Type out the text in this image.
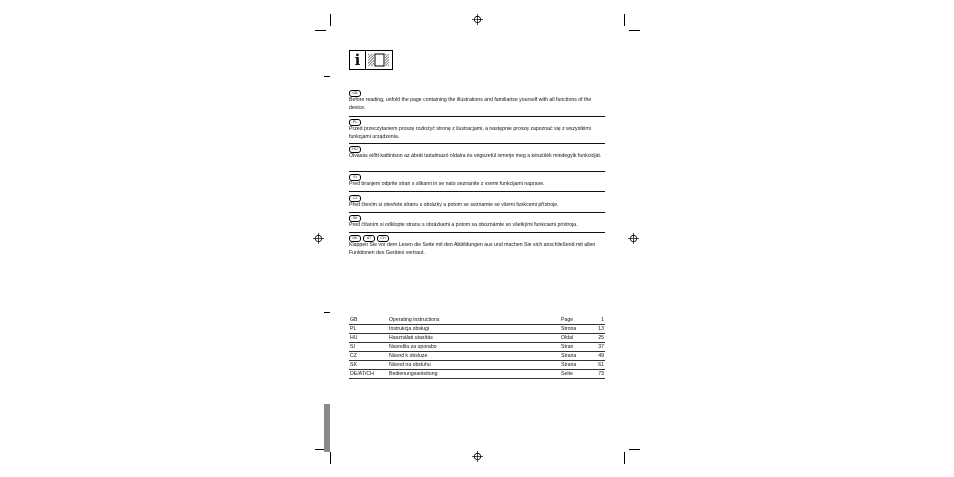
i
GB
Before reading, unfold the page containing the illustrations and familiarise yourself with all functions of the device.
PL
Przed przeczytaniem proszę rozłożyć stronę z ilustracjami, a następnie proszę zapoznać się z wszystkimi funkcjami urządzenia.
HU
Olvasás előtt kattintson az ábrát tartalmazó oldalra és végezetül ismerje meg a készülék mindegyik funkcióját.
SI
Pred branjem odprite stran s slikami in se nato seznanite z vsemi funkcijami naprave.
CZ
Před čtením si otevřete stranu s obrázky a potom se seznamte se všemi funkcemi přístroje.
SK
Pred čítaním si odklopte stranu s obrázkami a potom sa oboznámte so všetkými funkciami prístroja.
DE	AT	CH
Klappen Sie vor dem Lesen die Seite mit den Abbildungen aus und machen Sie sich anschließend mit allen Funktionen des Gerätes vertraut.
GB	Operating instructions	Page	1
PL	Instrukcja obsługi	Strona	13
HU	Használati utasítás	Oldal	25
SI	Navodila za uporabo	Stran	37
CZ	Návod k obsluze	Strana	49
SK	Návod na obsluhu	Strana	61
DE/AT/CH	Bedienungsanleitung	Seite	73
